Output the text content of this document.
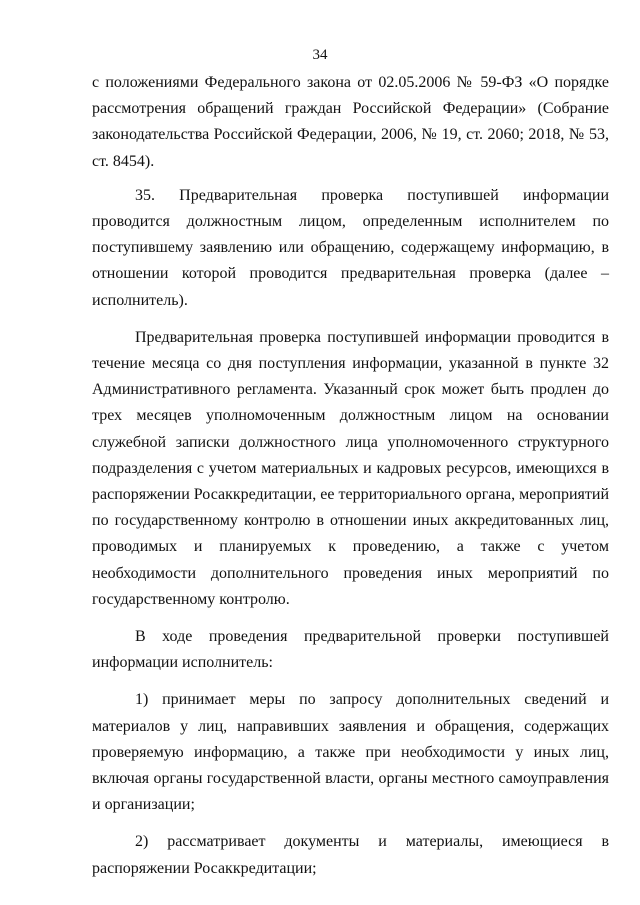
34

с положениями Федерального закона от 02.05.2006 № 59-ФЗ «О порядке рассмотрения обращений граждан Российской Федерации» (Собрание законодательства Российской Федерации, 2006, № 19, ст. 2060; 2018, № 53, ст. 8454).

35. Предварительная проверка поступившей информации проводится должностным лицом, определенным исполнителем по поступившему заявлению или обращению, содержащему информацию, в отношении которой проводится предварительная проверка (далее – исполнитель).

Предварительная проверка поступившей информации проводится в течение месяца со дня поступления информации, указанной в пункте 32 Административного регламента. Указанный срок может быть продлен до трех месяцев уполномоченным должностным лицом на основании служебной записки должностного лица уполномоченного структурного подразделения с учетом материальных и кадровых ресурсов, имеющихся в распоряжении Росаккредитации, ее территориального органа, мероприятий по государственному контролю в отношении иных аккредитованных лиц, проводимых и планируемых к проведению, а также с учетом необходимости дополнительного проведения иных мероприятий по государственному контролю.

В ходе проведения предварительной проверки поступившей информации исполнитель:

1) принимает меры по запросу дополнительных сведений и материалов у лиц, направивших заявления и обращения, содержащих проверяемую информацию, а также при необходимости у иных лиц, включая органы государственной власти, органы местного самоуправления и организации;

2) рассматривает документы и материалы, имеющиеся в распоряжении Росаккредитации;
